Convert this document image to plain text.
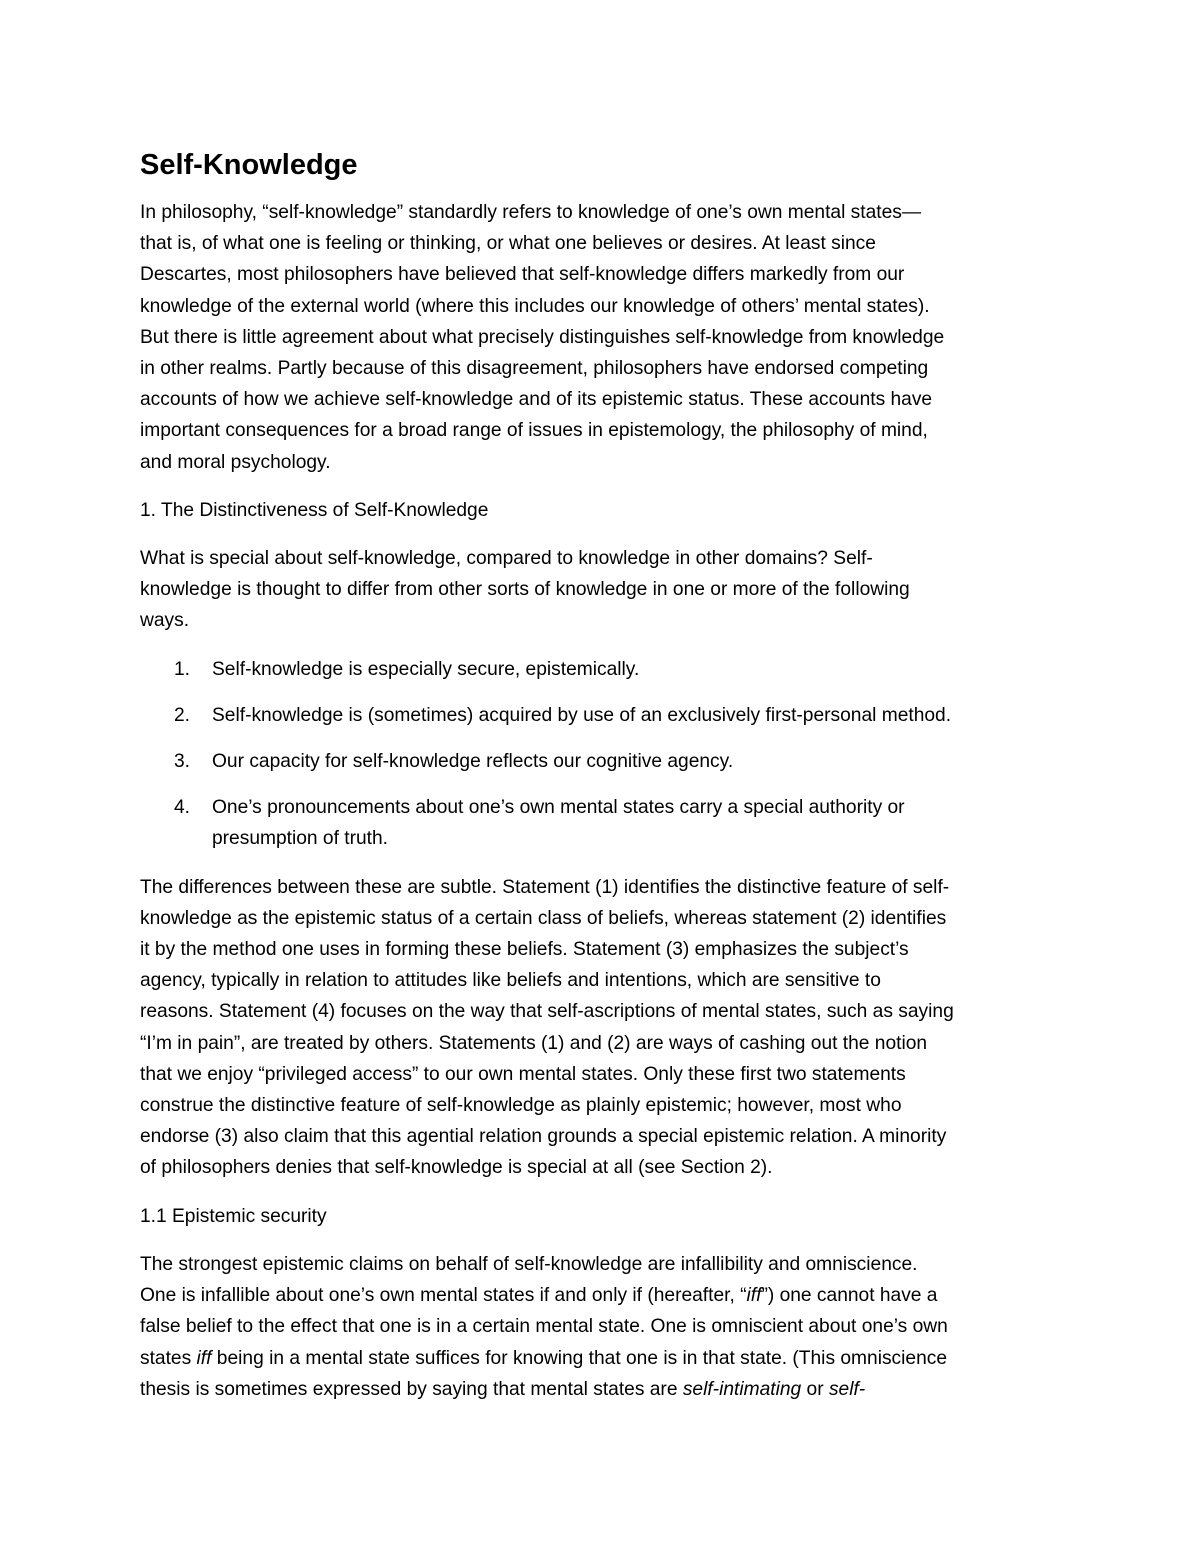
Self-Knowledge
In philosophy, “self-knowledge” standardly refers to knowledge of one’s own mental states—
that is, of what one is feeling or thinking, or what one believes or desires. At least since
Descartes, most philosophers have believed that self-knowledge differs markedly from our
knowledge of the external world (where this includes our knowledge of others’ mental states).
But there is little agreement about what precisely distinguishes self-knowledge from knowledge
in other realms. Partly because of this disagreement, philosophers have endorsed competing
accounts of how we achieve self-knowledge and of its epistemic status. These accounts have
important consequences for a broad range of issues in epistemology, the philosophy of mind,
and moral psychology.
1. The Distinctiveness of Self-Knowledge
What is special about self-knowledge, compared to knowledge in other domains? Self-
knowledge is thought to differ from other sorts of knowledge in one or more of the following
ways.
1. Self-knowledge is especially secure, epistemically.
2. Self-knowledge is (sometimes) acquired by use of an exclusively first-personal method.
3. Our capacity for self-knowledge reflects our cognitive agency.
4. One’s pronouncements about one’s own mental states carry a special authority or
presumption of truth.
The differences between these are subtle. Statement (1) identifies the distinctive feature of self-
knowledge as the epistemic status of a certain class of beliefs, whereas statement (2) identifies
it by the method one uses in forming these beliefs. Statement (3) emphasizes the subject’s
agency, typically in relation to attitudes like beliefs and intentions, which are sensitive to
reasons. Statement (4) focuses on the way that self-ascriptions of mental states, such as saying
“I’m in pain”, are treated by others. Statements (1) and (2) are ways of cashing out the notion
that we enjoy “privileged access” to our own mental states. Only these first two statements
construe the distinctive feature of self-knowledge as plainly epistemic; however, most who
endorse (3) also claim that this agential relation grounds a special epistemic relation. A minority
of philosophers denies that self-knowledge is special at all (see Section 2).
1.1 Epistemic security
The strongest epistemic claims on behalf of self-knowledge are infallibility and omniscience.
One is infallible about one’s own mental states if and only if (hereafter, “iff”) one cannot have a
false belief to the effect that one is in a certain mental state. One is omniscient about one’s own
states iff being in a mental state suffices for knowing that one is in that state. (This omniscience
thesis is sometimes expressed by saying that mental states are self-intimating or self-
